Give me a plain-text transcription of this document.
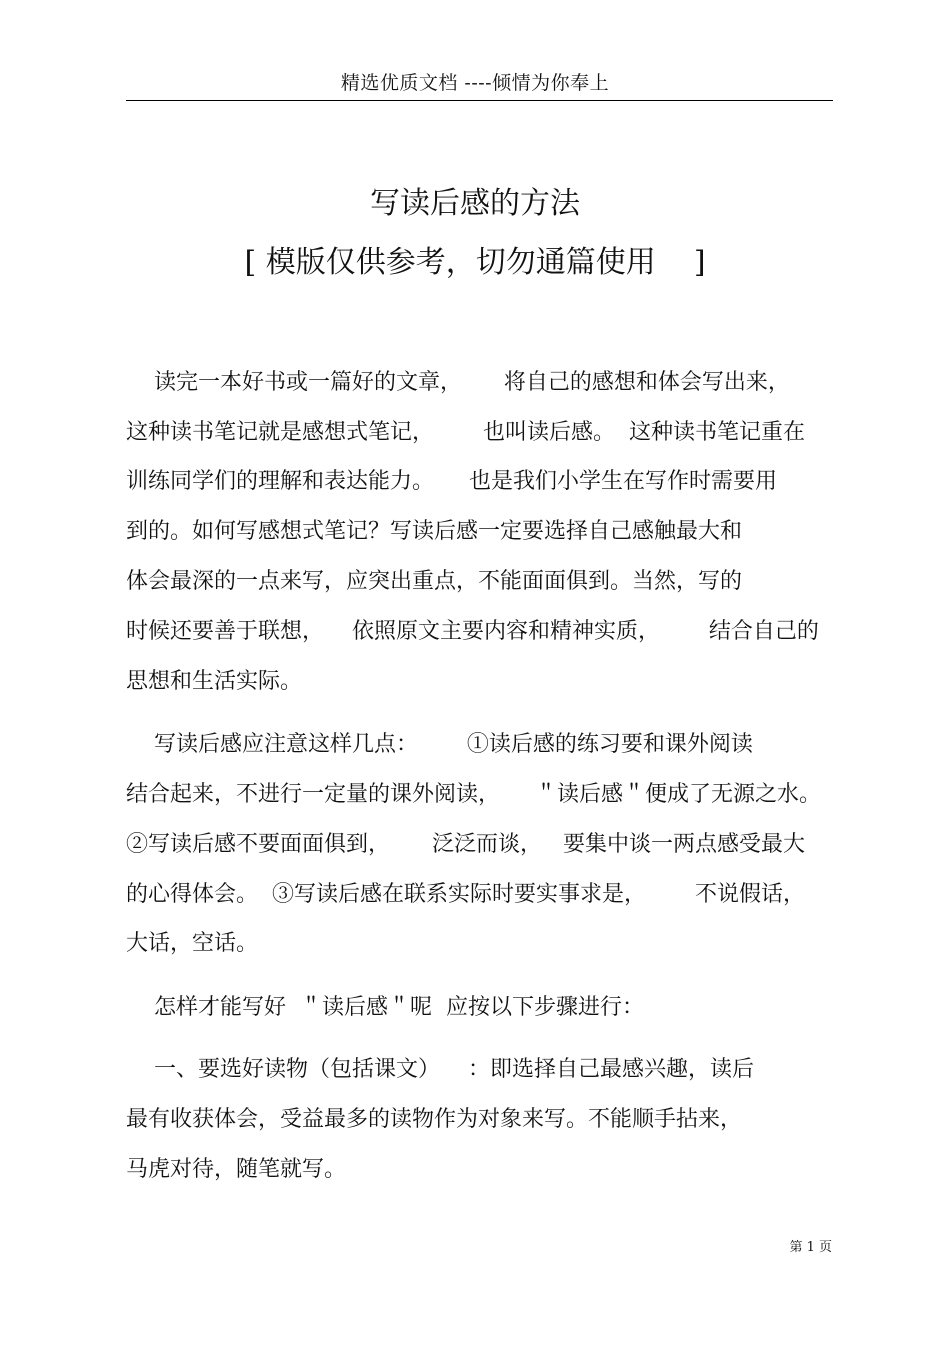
精选优质文档 ----倾情为你奉上
写读后感的方法
[ 模版仅供参考，切勿通篇使用    ]

读完一本好书或一篇好的文章，      将自己的感想和体会写出来，

这种读书笔记就是感想式笔记，       也叫读后感。  这种读书笔记重在

训练同学们的理解和表达能力。     也是我们小学生在写作时需要用

到的。如何写感想式笔记？写读后感一定要选择自己感触最大和

体会最深的一点来写，应突出重点，不能面面俱到。当然，写的

时候还要善于联想，    依照原文主要内容和精神实质，       结合自己的

思想和生活实际。

写读后感应注意这样几点：       ①读后感的练习要和课外阅读

结合起来，不进行一定量的课外阅读，     ＂读后感＂便成了无源之水。

②写读后感不要面面俱到，      泛泛而谈，   要集中谈一两点感受最大

的心得体会。  ③写读后感在联系实际时要实事求是，       不说假话，

大话，空话。

怎样才能写好  ＂读后感＂呢  应按以下步骤进行：

一、要选好读物（包括课文）    ：即选择自己最感兴趣，读后

最有收获体会，受益最多的读物作为对象来写。不能顺手拈来，

马虎对待，随笔就写。

第 1 页
